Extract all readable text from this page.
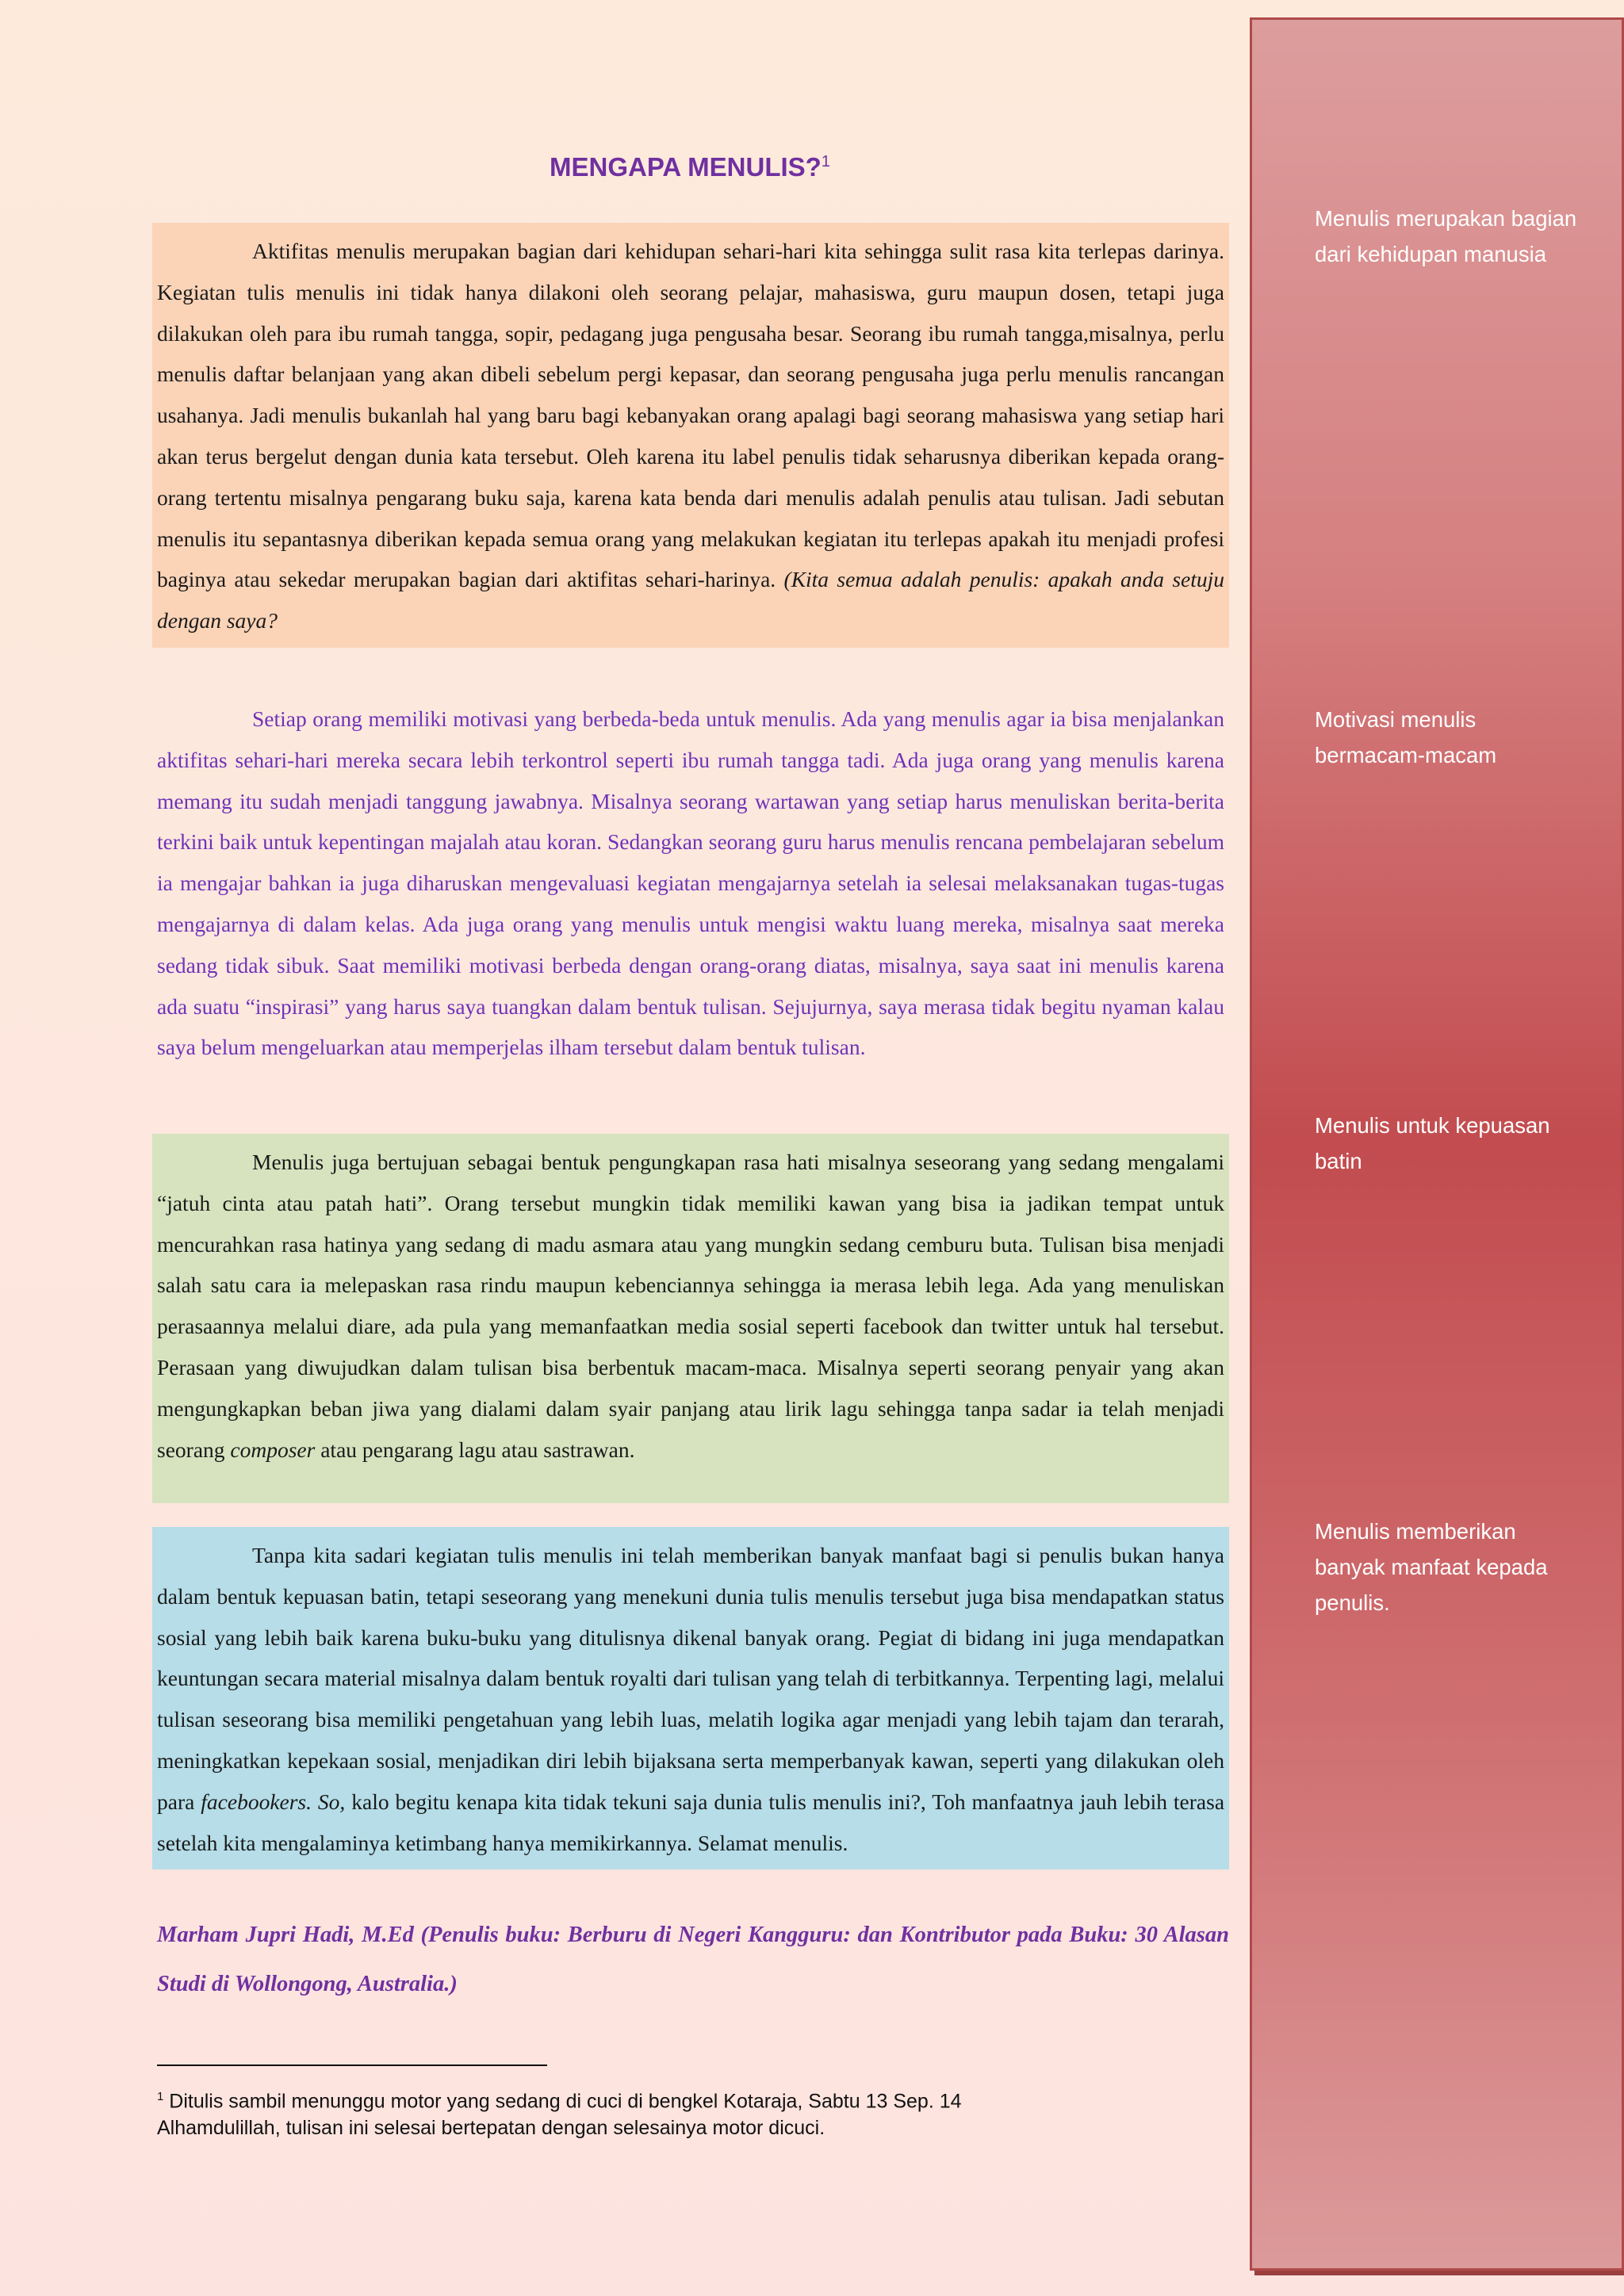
MENGAPA MENULIS?$^1$

Aktifitas menulis merupakan bagian dari kehidupan sehari-hari kita sehingga sulit rasa kita terlepas darinya. Kegiatan tulis menulis ini tidak hanya dilakoni oleh seorang pelajar, mahasiswa, guru maupun dosen, tetapi juga dilakukan oleh para ibu rumah tangga, sopir, pedagang juga pengusaha besar. Seorang ibu rumah tangga,misalnya, perlu menulis daftar belanjaan yang akan dibeli sebelum pergi kepasar, dan seorang pengusaha juga perlu menulis rancangan usahanya. Jadi menulis bukanlah hal yang baru bagi kebanyakan orang apalagi bagi seorang mahasiswa yang setiap hari akan terus bergelut dengan dunia kata tersebut. Oleh karena itu label penulis tidak seharusnya diberikan kepada orang-orang tertentu misalnya pengarang buku saja, karena kata benda dari menulis adalah penulis atau tulisan. Jadi sebutan menulis itu sepantasnya diberikan kepada semua orang yang melakukan kegiatan itu terlepas apakah itu menjadi profesi baginya atau sekedar merupakan bagian dari aktifitas sehari-harinya. (Kita semua adalah penulis: apakah anda setuju dengan saya?

Setiap orang memiliki motivasi yang berbeda-beda untuk menulis. Ada yang menulis agar ia bisa menjalankan aktifitas sehari-hari mereka secara lebih terkontrol seperti ibu rumah tangga tadi. Ada juga orang yang menulis karena memang itu sudah menjadi tanggung jawabnya. Misalnya seorang wartawan yang setiap harus menuliskan berita-berita terkini baik untuk kepentingan majalah atau koran. Sedangkan seorang guru harus menulis rencana pembelajaran sebelum ia mengajar bahkan ia juga diharuskan mengevaluasi kegiatan mengajarnya setelah ia selesai melaksanakan tugas-tugas mengajarnya di dalam kelas. Ada juga orang yang menulis untuk mengisi waktu luang mereka, misalnya saat mereka sedang tidak sibuk. Saat memiliki motivasi berbeda dengan orang-orang diatas, misalnya, saya saat ini menulis karena ada suatu “inspirasi” yang harus saya tuangkan dalam bentuk tulisan. Sejujurnya, saya merasa tidak begitu nyaman kalau saya belum mengeluarkan atau memperjelas ilham tersebut dalam bentuk tulisan.

Menulis juga bertujuan sebagai bentuk pengungkapan rasa hati misalnya seseorang yang sedang mengalami “jatuh cinta atau patah hati”. Orang tersebut mungkin tidak memiliki kawan yang bisa ia jadikan tempat untuk mencurahkan rasa hatinya yang sedang di madu asmara atau yang mungkin sedang cemburu buta. Tulisan bisa menjadi salah satu cara ia melepaskan rasa rindu maupun kebenciannya sehingga ia merasa lebih lega. Ada yang menuliskan perasaannya melalui diare, ada pula yang memanfaatkan media sosial seperti facebook dan twitter untuk hal tersebut. Perasaan yang diwujudkan dalam tulisan bisa berbentuk macam-maca. Misalnya seperti seorang penyair yang akan mengungkapkan beban jiwa yang dialami dalam syair panjang atau lirik lagu sehingga tanpa sadar ia telah menjadi seorang composer atau pengarang lagu atau sastrawan.

Tanpa kita sadari kegiatan tulis menulis ini telah memberikan banyak manfaat bagi si penulis bukan hanya dalam bentuk kepuasan batin, tetapi seseorang yang menekuni dunia tulis menulis tersebut juga bisa mendapatkan status sosial yang lebih baik karena buku-buku yang ditulisnya dikenal banyak orang. Pegiat di bidang ini juga mendapatkan keuntungan secara material misalnya dalam bentuk royalti dari tulisan yang telah di terbitkannya. Terpenting lagi, melalui tulisan seseorang bisa memiliki pengetahuan yang lebih luas, melatih logika agar menjadi yang lebih tajam dan terarah, meningkatkan kepekaan sosial, menjadikan diri lebih bijaksana serta memperbanyak kawan, seperti yang dilakukan oleh para facebookers. So, kalo begitu kenapa kita tidak tekuni saja dunia tulis menulis ini?, Toh manfaatnya jauh lebih terasa setelah kita mengalaminya ketimbang hanya memikirkannya. Selamat menulis.

Marham Jupri Hadi, M.Ed (Penulis buku: Berburu di Negeri Kangguru: dan Kontributor pada Buku: 30 Alasan Studi di Wollongong, Australia.)

$^1$ Ditulis sambil menunggu motor yang sedang di cuci di bengkel Kotaraja, Sabtu 13 Sep. 14
Alhamdulillah, tulisan ini selesai bertepatan dengan selesainya motor dicuci.

Menulis merupakan bagian dari kehidupan manusia

Motivasi menulis bermacam-macam

Menulis untuk kepuasan batin

Menulis memberikan banyak manfaat kepada penulis.
